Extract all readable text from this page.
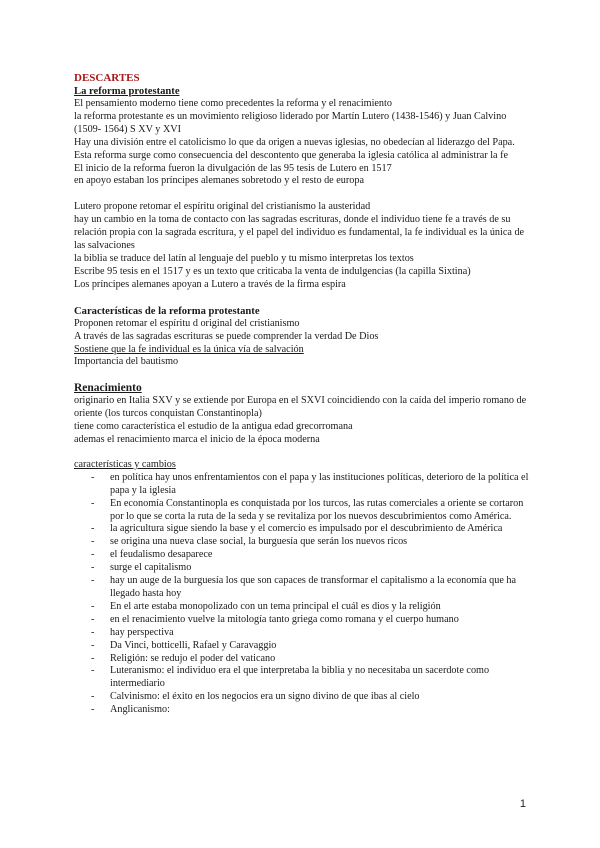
DESCARTES
La reforma protestante

El pensamiento moderno tiene como precedentes la reforma y el renacimiento

la reforma protestante es un movimiento religioso liderado por Martín Lutero (1438-1546) y Juan Calvino (1509- 1564) S XV y XVI

Hay una división entre el catolicismo lo que da origen a nuevas iglesias, no obedecían al liderazgo del Papa. Esta reforma surge como consecuencia del descontento que generaba la iglesia católica al administrar la fe

El inicio de la reforma fueron la divulgación de las 95 tesis de Lutero en 1517

en apoyo estaban los príncipes alemanes sobretodo y el resto de europa

Lutero propone retomar el espíritu original del cristianismo la austeridad

hay un cambio en la toma de contacto con las sagradas escrituras, donde el individuo tiene fe a través de su relación propia con la sagrada escritura, y el papel del individuo es fundamental, la fe individual es la única de las salvaciones

la biblia se traduce del latín al lenguaje del pueblo y tu mismo interpretas los textos

Escribe 95 tesis en el 1517 y es un texto que criticaba la venta de indulgencias (la capilla Sixtina)

Los príncipes alemanes apoyan a Lutero a través de la firma espira

Características de la reforma protestante

Proponen retomar el espíritu d original del cristianismo

A través de las sagradas escrituras se puede comprender la verdad De Dios

Sostiene que la fe individual es la única vía de salvación

Importancia del bautismo

Renacimiento

originario en Italia SXV y se extiende por Europa en el SXVI coincidiendo con la caída del imperio romano de oriente (los turcos conquistan Constantinopla)

tiene como característica el estudio de la antigua edad grecorromana

ademas el renacimiento marca el inicio de la época moderna

características y cambios

- en política hay unos enfrentamientos con el papa y las instituciones políticas, deterioro de la política el papa y la iglesia
- En economía Constantinopla es conquistada por los turcos, las rutas comerciales a oriente se cortaron por lo que se corta la ruta de la seda y se revitaliza por los nuevos descubrimientos como América.
- la agricultura sigue siendo la base y el comercio es impulsado por el descubrimiento de América
- se origina una nueva clase social, la burguesía que serán los nuevos ricos
- el feudalismo desaparece
- surge el capitalismo
- hay un auge de la burguesía los que son capaces de transformar el capitalismo a la economía que ha llegado hasta hoy
- En el arte estaba monopolizado con un tema principal el cuál es dios y la religión
- en el renacimiento vuelve la mitología tanto griega como romana y el cuerpo humano
- hay perspectiva
- Da Vinci, botticelli, Rafael y Caravaggio
- Religión: se redujo el poder del vaticano
- Luteranismo: el individuo era el que interpretaba la biblia y no necesitaba un sacerdote como intermediario
- Calvinismo: el éxito en los negocios era un signo divino de que ibas al cielo
- Anglicanismo:
1
